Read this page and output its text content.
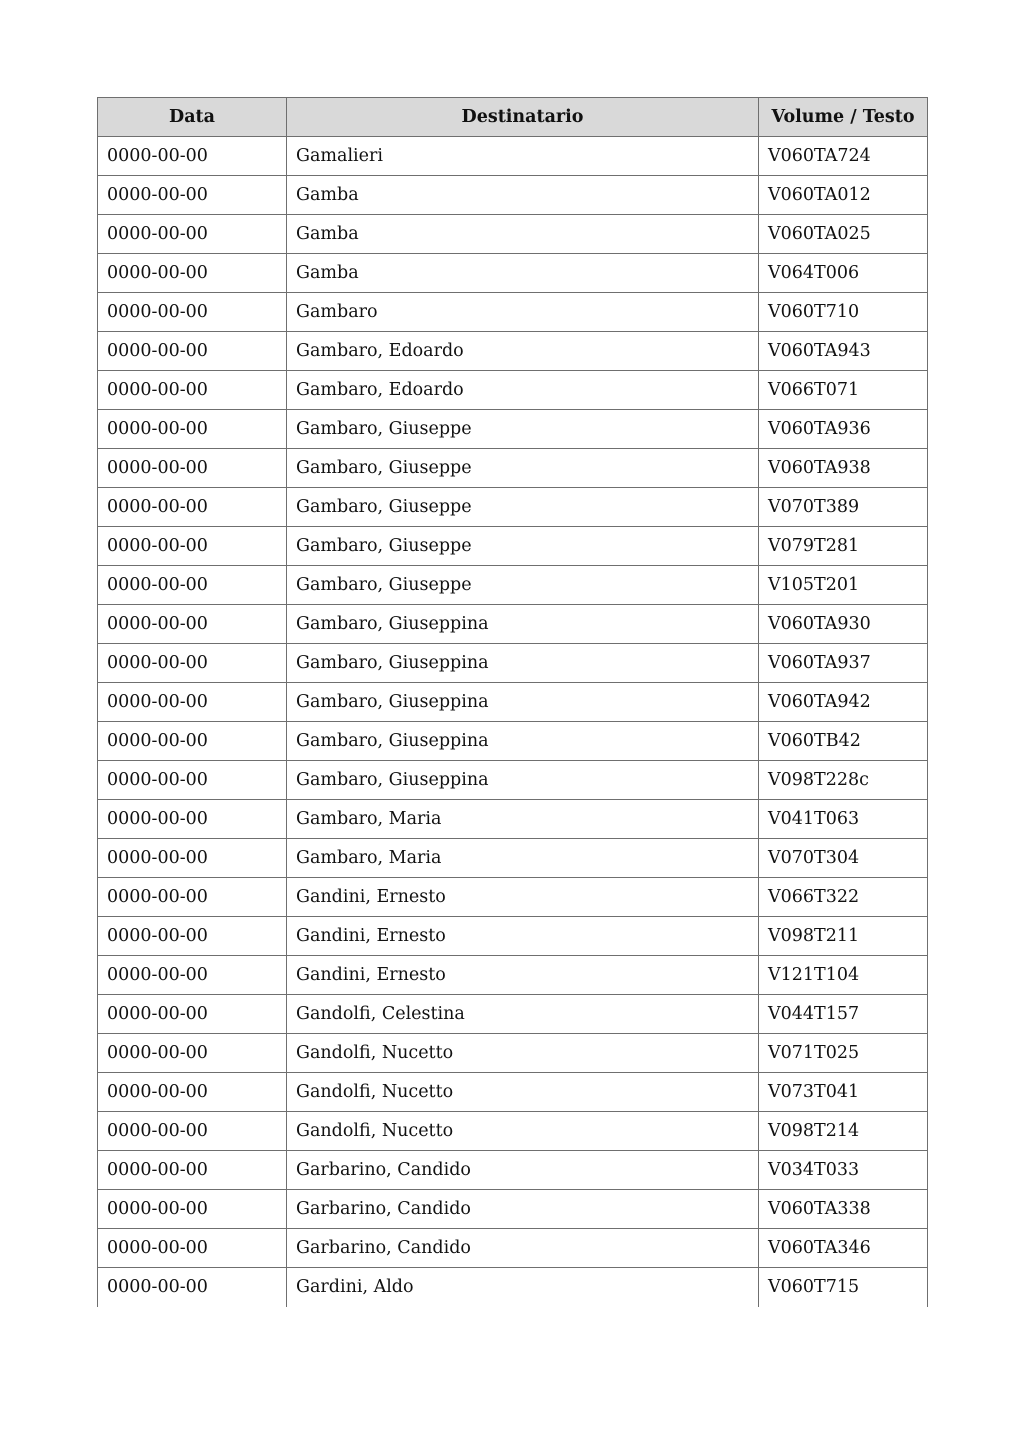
Data	Destinatario	Volume / Testo
0000-00-00	Gamalieri	V060TA724
0000-00-00	Gamba	V060TA012
0000-00-00	Gamba	V060TA025
0000-00-00	Gamba	V064T006
0000-00-00	Gambaro	V060T710
0000-00-00	Gambaro, Edoardo	V060TA943
0000-00-00	Gambaro, Edoardo	V066T071
0000-00-00	Gambaro, Giuseppe	V060TA936
0000-00-00	Gambaro, Giuseppe	V060TA938
0000-00-00	Gambaro, Giuseppe	V070T389
0000-00-00	Gambaro, Giuseppe	V079T281
0000-00-00	Gambaro, Giuseppe	V105T201
0000-00-00	Gambaro, Giuseppina	V060TA930
0000-00-00	Gambaro, Giuseppina	V060TA937
0000-00-00	Gambaro, Giuseppina	V060TA942
0000-00-00	Gambaro, Giuseppina	V060TB42
0000-00-00	Gambaro, Giuseppina	V098T228c
0000-00-00	Gambaro, Maria	V041T063
0000-00-00	Gambaro, Maria	V070T304
0000-00-00	Gandini, Ernesto	V066T322
0000-00-00	Gandini, Ernesto	V098T211
0000-00-00	Gandini, Ernesto	V121T104
0000-00-00	Gandolfi, Celestina	V044T157
0000-00-00	Gandolfi, Nucetto	V071T025
0000-00-00	Gandolfi, Nucetto	V073T041
0000-00-00	Gandolfi, Nucetto	V098T214
0000-00-00	Garbarino, Candido	V034T033
0000-00-00	Garbarino, Candido	V060TA338
0000-00-00	Garbarino, Candido	V060TA346
0000-00-00	Gardini, Aldo	V060T715
